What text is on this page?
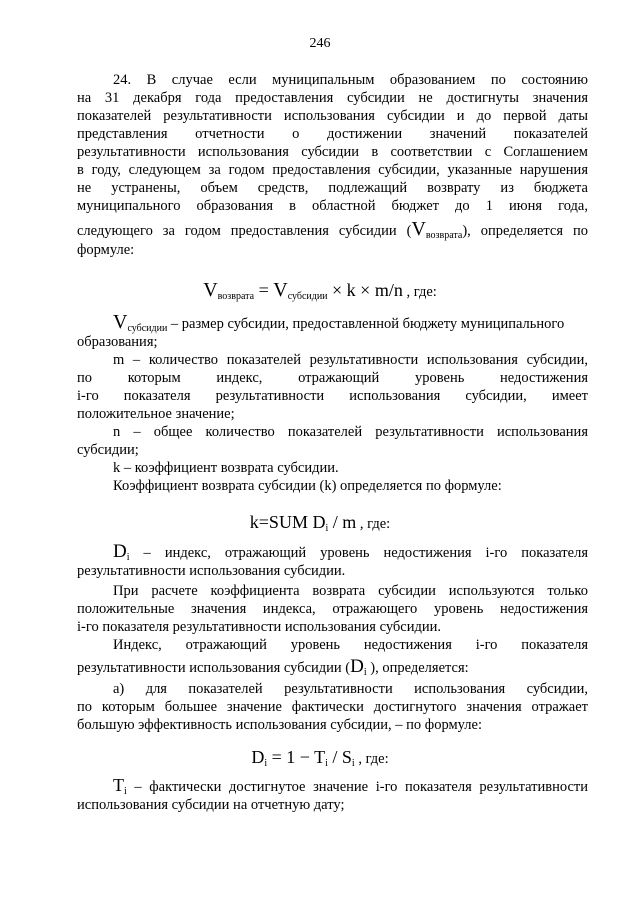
246
24. В случае если муниципальным образованием по состоянию
на 31 декабря года предоставления субсидии не достигнуты значения
показателей результативности использования субсидии и до первой даты
представления отчетности о достижении значений показателей
результативности использования субсидии в соответствии с Соглашением
в году, следующем за годом предоставления субсидии, указанные нарушения
не устранены, объем средств, подлежащий возврату из бюджета
муниципального образования в областной бюджет до 1 июня года,
следующего за годом предоставления субсидии $(V_{возврата})$, определяется по
формуле:
$V_{возврата} = V_{субсидии} \times k \times m/n$ , где:
$V_{субсидии}$ – размер субсидии, предоставленной бюджету муниципального
образования;
m – количество показателей результативности использования субсидии,
по которым индекс, отражающий уровень недостижения
i-го показателя результативности использования субсидии, имеет
положительное значение;
n – общее количество показателей результативности использования
субсидии;
k – коэффициент возврата субсидии.
Коэффициент возврата субсидии (k) определяется по формуле:
k=SUM $D_i$ / m , где:
$D_i$ – индекс, отражающий уровень недостижения i-го показателя
результативности использования субсидии.
При расчете коэффициента возврата субсидии используются только
положительные значения индекса, отражающего уровень недостижения
i-го показателя результативности использования субсидии.
Индекс, отражающий уровень недостижения i-го показателя
результативности использования субсидии ($D_i$ ), определяется:
а) для показателей результативности использования субсидии,
по которым большее значение фактически достигнутого значения отражает
большую эффективность использования субсидии, – по формуле:
$D_i = 1 - T_i / S_i$ , где:
$T_i$ – фактически достигнутое значение i-го показателя результативности
использования субсидии на отчетную дату;
